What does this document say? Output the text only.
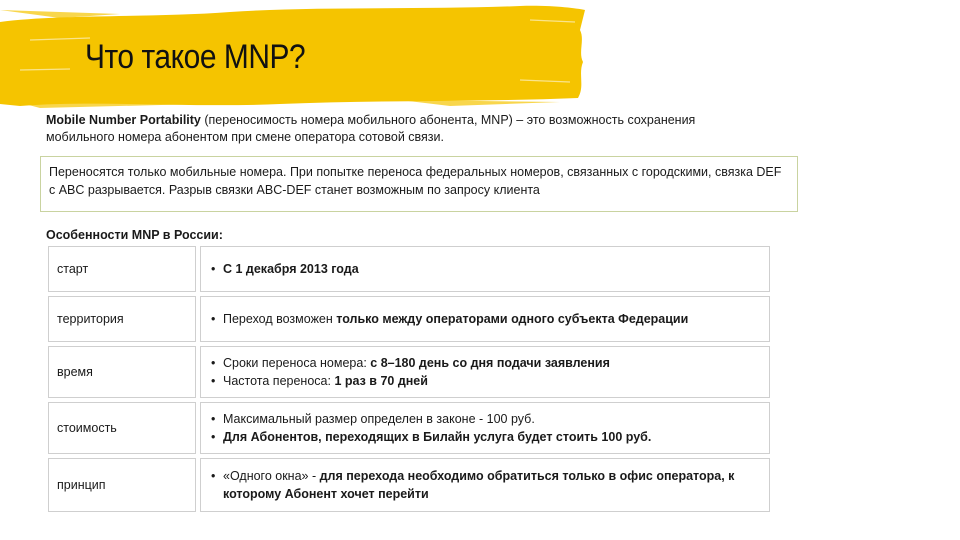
Что такое MNP?
Mobile Number Portability (переносимость номера мобильного абонента, MNP) – это возможность сохранения мобильного номера абонентом при смене оператора сотовой связи.
Переносятся только мобильные номера. При попытке переноса федеральных номеров, связанных с городскими, связка DEF с ABC разрывается. Разрыв связки ABC-DEF станет возможным по запросу клиента
Особенности MNP в России:
старт	• С 1 декабря 2013 года
территория	• Переход возможен только между операторами одного субъекта Федерации
время
• Сроки переноса номера: с 8–180 день со дня подачи заявления
• Частота переноса: 1 раз в 70 дней
стоимость
• Максимальный размер определен в законе - 100 руб.
• Для Абонентов, переходящих в Билайн услуга будет стоить 100 руб.
принцип
• «Одного окна» - для перехода необходимо обратиться только в офис оператора, к которому Абонент хочет перейти
